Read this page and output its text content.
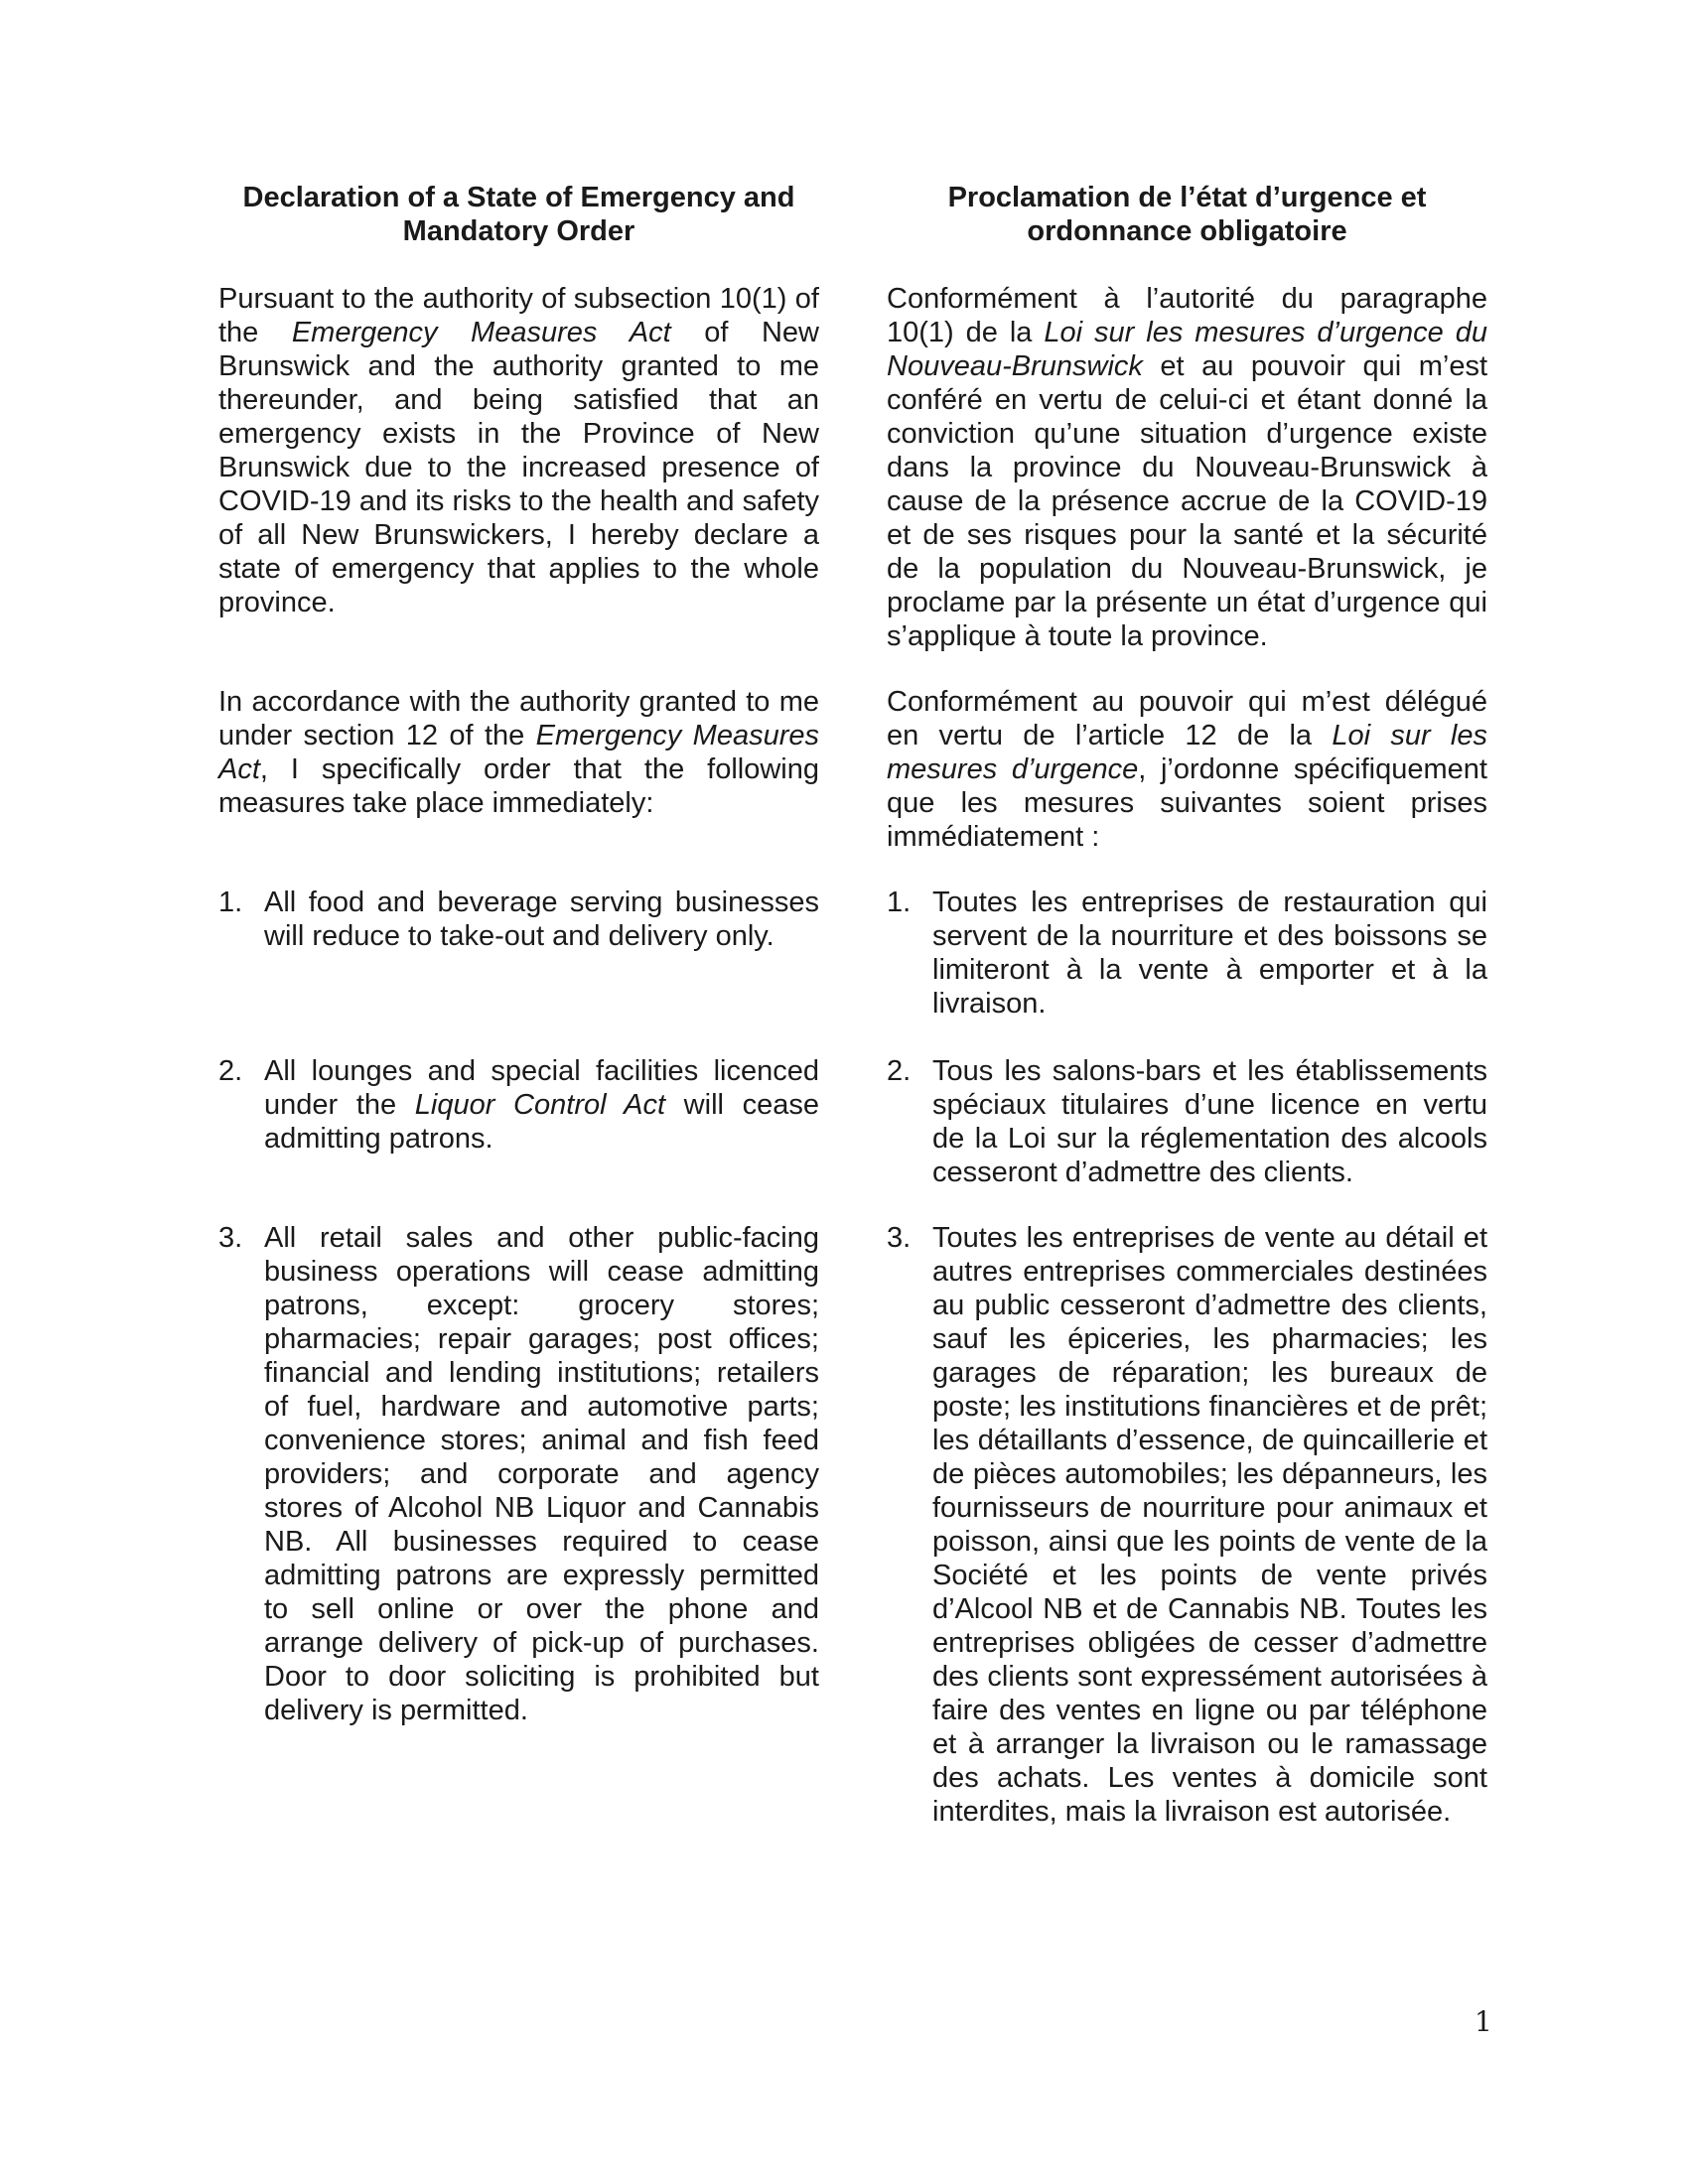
Declaration of a State of Emergency and Mandatory Order

Pursuant to the authority of subsection 10(1) of the Emergency Measures Act of New Brunswick and the authority granted to me thereunder, and being satisfied that an emergency exists in the Province of New Brunswick due to the increased presence of COVID-19 and its risks to the health and safety of all New Brunswickers, I hereby declare a state of emergency that applies to the whole province.

In accordance with the authority granted to me under section 12 of the Emergency Measures Act, I specifically order that the following measures take place immediately:

1. All food and beverage serving businesses will reduce to take-out and delivery only.
2. All lounges and special facilities licenced under the Liquor Control Act will cease admitting patrons.
3. All retail sales and other public-facing business operations will cease admitting patrons, except: grocery stores; pharmacies; repair garages; post offices; financial and lending institutions; retailers of fuel, hardware and automotive parts; convenience stores; animal and fish feed providers; and corporate and agency stores of Alcohol NB Liquor and Cannabis NB. All businesses required to cease admitting patrons are expressly permitted to sell online or over the phone and arrange delivery of pick-up of purchases. Door to door soliciting is prohibited but delivery is permitted.
Proclamation de l’état d’urgence et ordonnance obligatoire

Conformément à l’autorité du paragraphe 10(1) de la Loi sur les mesures d’urgence du Nouveau-Brunswick et au pouvoir qui m’est conféré en vertu de celui-ci et étant donné la conviction qu’une situation d’urgence existe dans la province du Nouveau-Brunswick à cause de la présence accrue de la COVID-19 et de ses risques pour la santé et la sécurité de la population du Nouveau-Brunswick, je proclame par la présente un état d’urgence qui s’applique à toute la province.

Conformément au pouvoir qui m’est délégué en vertu de l’article 12 de la Loi sur les mesures d’urgence, j’ordonne spécifiquement que les mesures suivantes soient prises immédiatement :

1. Toutes les entreprises de restauration qui servent de la nourriture et des boissons se limiteront à la vente à emporter et à la livraison.
2. Tous les salons-bars et les établissements spéciaux titulaires d’une licence en vertu de la Loi sur la réglementation des alcools cesseront d’admettre des clients.
3. Toutes les entreprises de vente au détail et autres entreprises commerciales destinées au public cesseront d’admettre des clients, sauf les épiceries, les pharmacies; les garages de réparation; les bureaux de poste; les institutions financières et de prêt; les détaillants d’essence, de quincaillerie et de pièces automobiles; les dépanneurs, les fournisseurs de nourriture pour animaux et poisson, ainsi que les points de vente de la Société et les points de vente privés d’Alcool NB et de Cannabis NB. Toutes les entreprises obligées de cesser d’admettre des clients sont expressément autorisées à faire des ventes en ligne ou par téléphone et à arranger la livraison ou le ramassage des achats. Les ventes à domicile sont interdites, mais la livraison est autorisée.
1
